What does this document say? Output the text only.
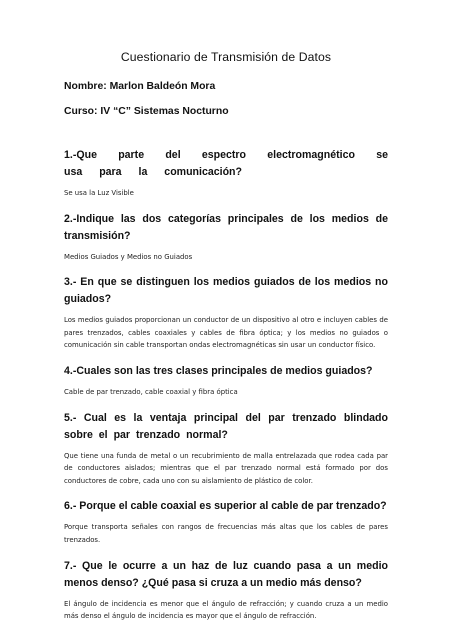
Cuestionario de Transmisión de Datos

Nombre: Marlon Baldeón Mora

Curso: IV “C” Sistemas Nocturno

1.-Que parte del espectro electromagnético se usa para la comunicación?

Se usa la Luz Visible

2.-Indique las dos categorías principales de los medios de transmisión?

Medios Guiados y Medios no Guiados

3.- En que se distinguen los medios guiados de los medios no guiados?

Los medios guiados proporcionan un conductor de un dispositivo al otro e incluyen cables de pares trenzados, cables coaxiales y cables de fibra óptica; y los medios no guiados o comunicación sin cable transportan ondas electromagnéticas sin usar un conductor físico.

4.-Cuales son las tres clases principales de medios guiados?

Cable de par trenzado, cable coaxial y fibra óptica

5.- Cual es la ventaja principal del par trenzado blindado sobre el par trenzado normal?

Que tiene una funda de metal o un recubrimiento de malla entrelazada que rodea cada par de conductores aislados; mientras que el par trenzado normal está formado por dos conductores de cobre, cada uno con su aislamiento de plástico de color.

6.- Porque el cable coaxial es superior al cable de par trenzado?

Porque transporta señales con rangos de frecuencias más altas que los cables de pares trenzados.

7.- Que le ocurre a un haz de luz cuando pasa a un medio menos denso? ¿Qué pasa si cruza a un medio más denso?

El ángulo de incidencia es menor que el ángulo de refracción; y cuando cruza a un medio más denso el ángulo de incidencia es mayor que el ángulo de refracción.
